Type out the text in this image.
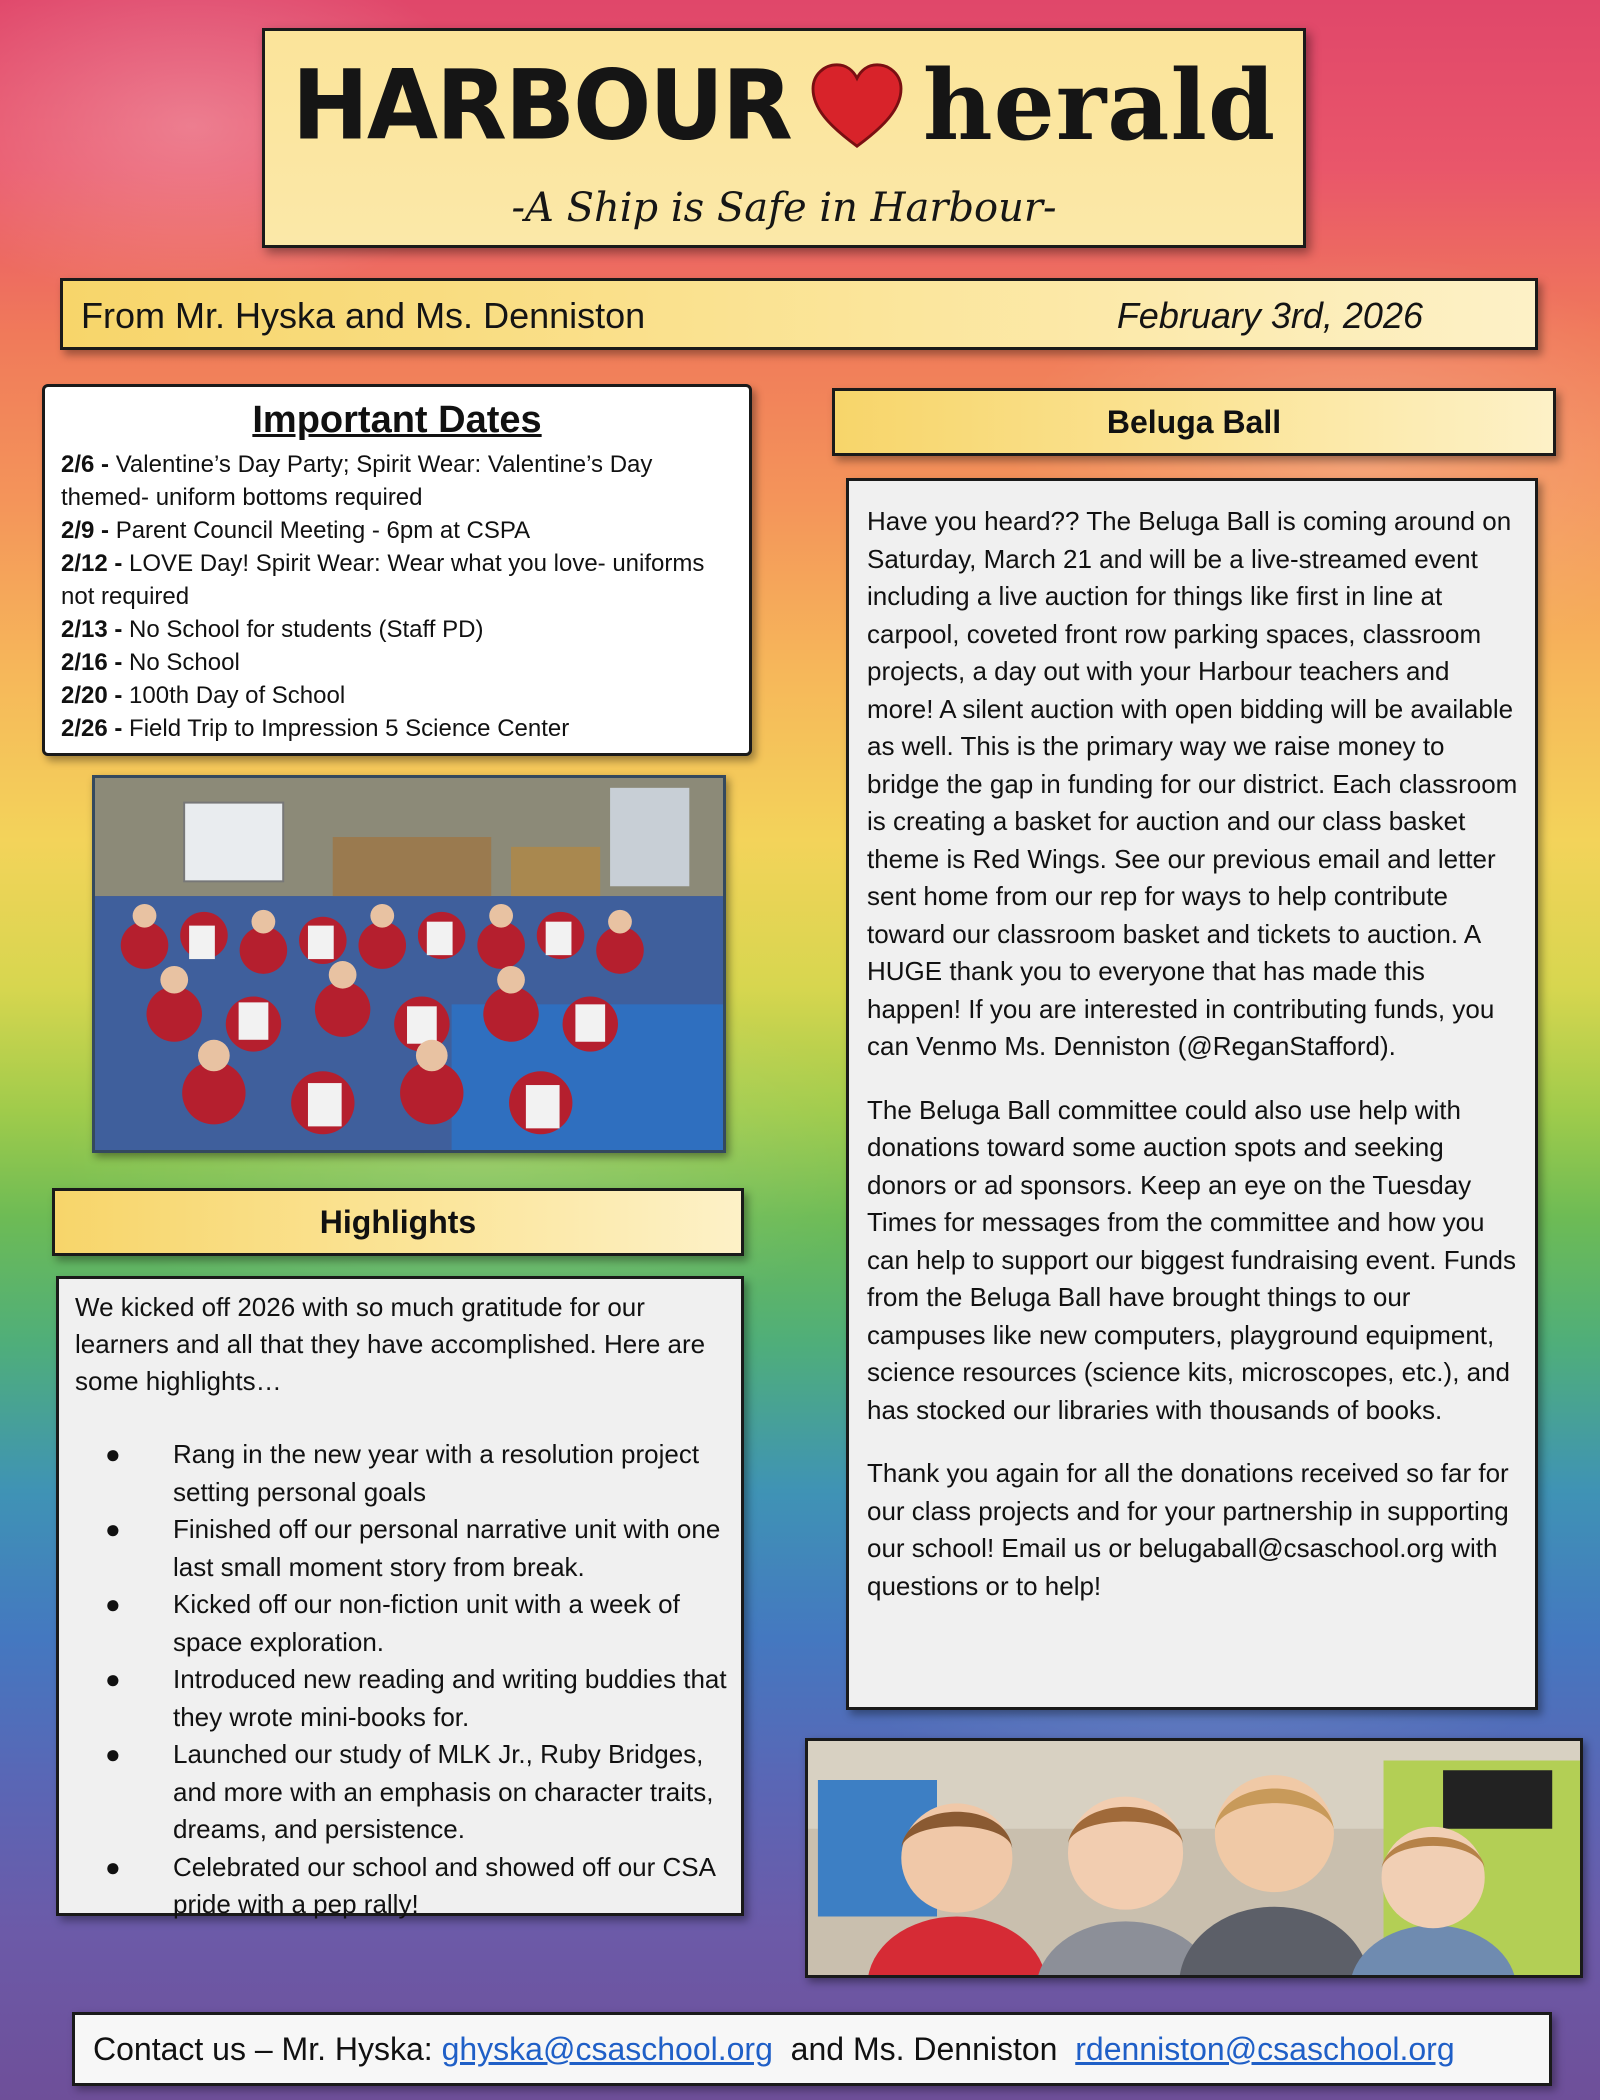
HARBOUR herald
-A Ship is Safe in Harbour-
From Mr. Hyska and Ms. Denniston	February 3rd, 2026
Important Dates
2/6 - Valentine’s Day Party; Spirit Wear: Valentine’s Day themed- uniform bottoms required
2/9 - Parent Council Meeting - 6pm at CSPA
2/12 - LOVE Day! Spirit Wear: Wear what you love- uniforms not required
2/13 - No School for students (Staff PD)
2/16 - No School
2/20 - 100th Day of School
2/26 - Field Trip to Impression 5 Science Center
Highlights
We kicked off 2026 with so much gratitude for our learners and all that they have accomplished. Here are some highlights…
● Rang in the new year with a resolution project setting personal goals
● Finished off our personal narrative unit with one last small moment story from break.
● Kicked off our non-fiction unit with a week of space exploration.
● Introduced new reading and writing buddies that they wrote mini-books for.
● Launched our study of MLK Jr., Ruby Bridges, and more with an emphasis on character traits, dreams, and persistence.
● Celebrated our school and showed off our CSA pride with a pep rally!
Beluga Ball

Have you heard?? The Beluga Ball is coming around on Saturday, March 21 and will be a live-streamed event including a live auction for things like first in line at carpool, coveted front row parking spaces, classroom projects, a day out with your Harbour teachers and more! A silent auction with open bidding will be available as well. This is the primary way we raise money to bridge the gap in funding for our district. Each classroom is creating a basket for auction and our class basket theme is Red Wings. See our previous email and letter sent home from our rep for ways to help contribute toward our classroom basket and tickets to auction. A HUGE thank you to everyone that has made this happen! If you are interested in contributing funds, you can Venmo Ms. Denniston (@ReganStafford).

The Beluga Ball committee could also use help with donations toward some auction spots and seeking donors or ad sponsors. Keep an eye on the Tuesday Times for messages from the committee and how you can help to support our biggest fundraising event. Funds from the Beluga Ball have brought things to our campuses like new computers, playground equipment, science resources (science kits, microscopes, etc.), and has stocked our libraries with thousands of books.

Thank you again for all the donations received so far for our class projects and for your partnership in supporting our school! Email us or belugaball@csaschool.org with questions or to help!

Contact us – Mr. Hyska: ghyska@csaschool.org  and Ms. Denniston  rdenniston@csaschool.org
